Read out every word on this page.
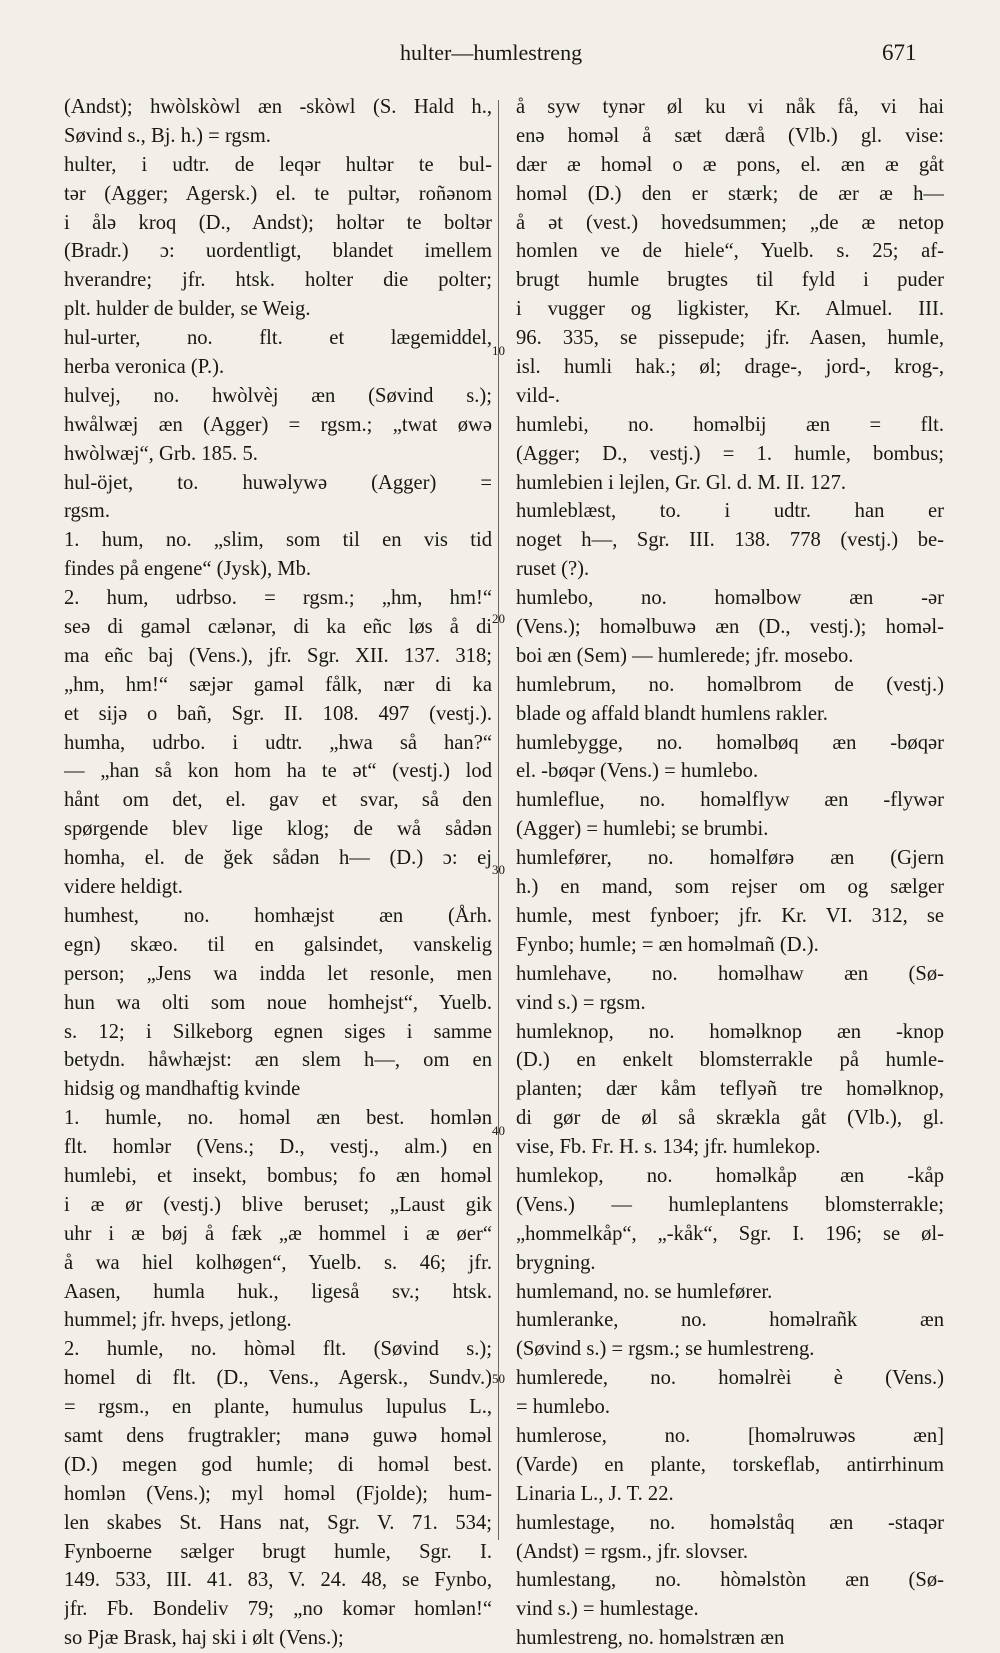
hulter—humlestreng	671
(Andst); hwòlskòwl æn -skòwl (S. Hald h.,
Søvind s., Bj. h.) = rgsm.
hulter, i udtr. de leqər hultər te bul-
tər (Agger; Agersk.) el. te pultər, roñənom
i ålə kroq (D., Andst); holtər te boltər
(Bradr.) ɔ: uordentligt, blandet imellem
hverandre; jfr. htsk. holter die polter;
plt. hulder de bulder, se Weig.
hul-urter, no. flt. et lægemiddel,
herba veronica (P.).
hulvej, no. hwòlvèj æn (Søvind s.);
hwålwæj æn (Agger) = rgsm.; „twat øwə
hwòlwæj“, Grb. 185. 5.
hul-öjet, to. huwəlywə (Agger) =
rgsm.
1. hum, no. „slim, som til en vis tid
findes på engene“ (Jysk), Mb.
2. hum, udrbso. = rgsm.; „hm, hm!“
seə di gaməl cælənər, di ka eñc løs å di
ma eñc baj (Vens.), jfr. Sgr. XII. 137. 318;
„hm, hm!“ sæjər gaməl fålk, nær di ka
et sijə o bañ, Sgr. II. 108. 497 (vestj.).
humha, udrbo. i udtr. „hwa så han?“
— „han så kon hom ha te ət“ (vestj.) lod
hånt om det, el. gav et svar, så den
spørgende blev lige klog; de wå sådən
homha, el. de ğek sådən h— (D.) ɔ: ej
videre heldigt.
humhest, no. homhæjst æn (Årh.
egn) skæo. til en galsindet, vanskelig
person; „Jens wa indda let resonle, men
hun wa olti som noue homhejst“, Yuelb.
s. 12; i Silkeborg egnen siges i samme
betydn. håwhæjst: æn slem h—, om en
hidsig og mandhaftig kvinde
1. humle, no. homəl æn best. homlən
flt. homlər (Vens.; D., vestj., alm.) en
humlebi, et insekt, bombus; fo æn homəl
i æ ør (vestj.) blive beruset; „Laust gik
uhr i æ bøj å fæk „æ hommel i æ øer“
å wa hiel kolhøgen“, Yuelb. s. 46; jfr.
Aasen, humla huk., ligeså sv.; htsk.
hummel; jfr. hveps, jetlong.
2. humle, no. hòməl flt. (Søvind s.);
homel di flt. (D., Vens., Agersk., Sundv.)
= rgsm., en plante, humulus lupulus L.,
samt dens frugtrakler; manə guwə homəl
(D.) megen god humle; di homəl best.
homlən (Vens.); myl homəl (Fjolde); hum-
len skabes St. Hans nat, Sgr. V. 71. 534;
Fynboerne sælger brugt humle, Sgr. I.
149. 533, III. 41. 83, V. 24. 48, se Fynbo,
jfr. Fb. Bondeliv 79; „no komər homlən!“
so Pjæ Brask, haj ski i ølt (Vens.);
å syw tynər øl ku vi nåk få, vi hai
enə homəl å sæt dærå (Vlb.) gl. vise:
dær æ homəl o æ pons, el. æn æ gåt
homəl (D.) den er stærk; de ær æ h—
å ət (vest.) hovedsummen; „de æ netop
homlen ve de hiele“, Yuelb. s. 25; af-
brugt humle brugtes til fyld i puder
i vugger og ligkister, Kr. Almuel. III.
96. 335, se pissepude; jfr. Aasen, humle,
isl. humli hak.; øl; drage-, jord-, krog-,
vild-.
humlebi, no. homəlbij æn = flt.
(Agger; D., vestj.) = 1. humle, bombus;
humlebien i lejlen, Gr. Gl. d. M. II. 127.
humleblæst, to. i udtr. han er
noget h—, Sgr. III. 138. 778 (vestj.) be-
ruset (?).
humlebo, no. homəlbow æn -ər
(Vens.); homəlbuwə æn (D., vestj.); homəl-
boi æn (Sem) — humlerede; jfr. mosebo.
humlebrum, no. homəlbrom de (vestj.)
blade og affald blandt humlens rakler.
humlebygge, no. homəlbøq æn -bøqər
el. -bøqər (Vens.) = humlebo.
humleflue, no. homəlflyw æn -flywər
(Agger) = humlebi; se brumbi.
humlefører, no. homəlførə æn (Gjern
h.) en mand, som rejser om og sælger
humle, mest fynboer; jfr. Kr. VI. 312, se
Fynbo; humle; = æn homəlmañ (D.).
humlehave, no. homəlhaw æn (Sø-
vind s.) = rgsm.
humleknop, no. homəlknop æn -knop
(D.) en enkelt blomsterrakle på humle-
planten; dær kåm teflyəñ tre homəlknop,
di gør de øl så skrækla gåt (Vlb.), gl.
vise, Fb. Fr. H. s. 134; jfr. humlekop.
humlekop, no. homəlkåp æn -kåp
(Vens.) — humleplantens blomsterrakle;
„hommelkåp“, „-kåk“, Sgr. I. 196; se øl-
brygning.
humlemand, no. se humlefører.
humleranke, no. homəlrañk æn
(Søvind s.) = rgsm.; se humlestreng.
humlerede, no. homəlrèi è (Vens.)
= humlebo.
humlerose, no. [homəlruwəs æn]
(Varde) en plante, torskeflab, antirrhinum
Linaria L., J. T. 22.
humlestage, no. homəlståq æn -staqər
(Andst) = rgsm., jfr. slovser.
humlestang, no. hòməlstòn æn (Sø-
vind s.) = humlestage.
humlestreng, no. homəlstræn æn
10
20
30
40
50
